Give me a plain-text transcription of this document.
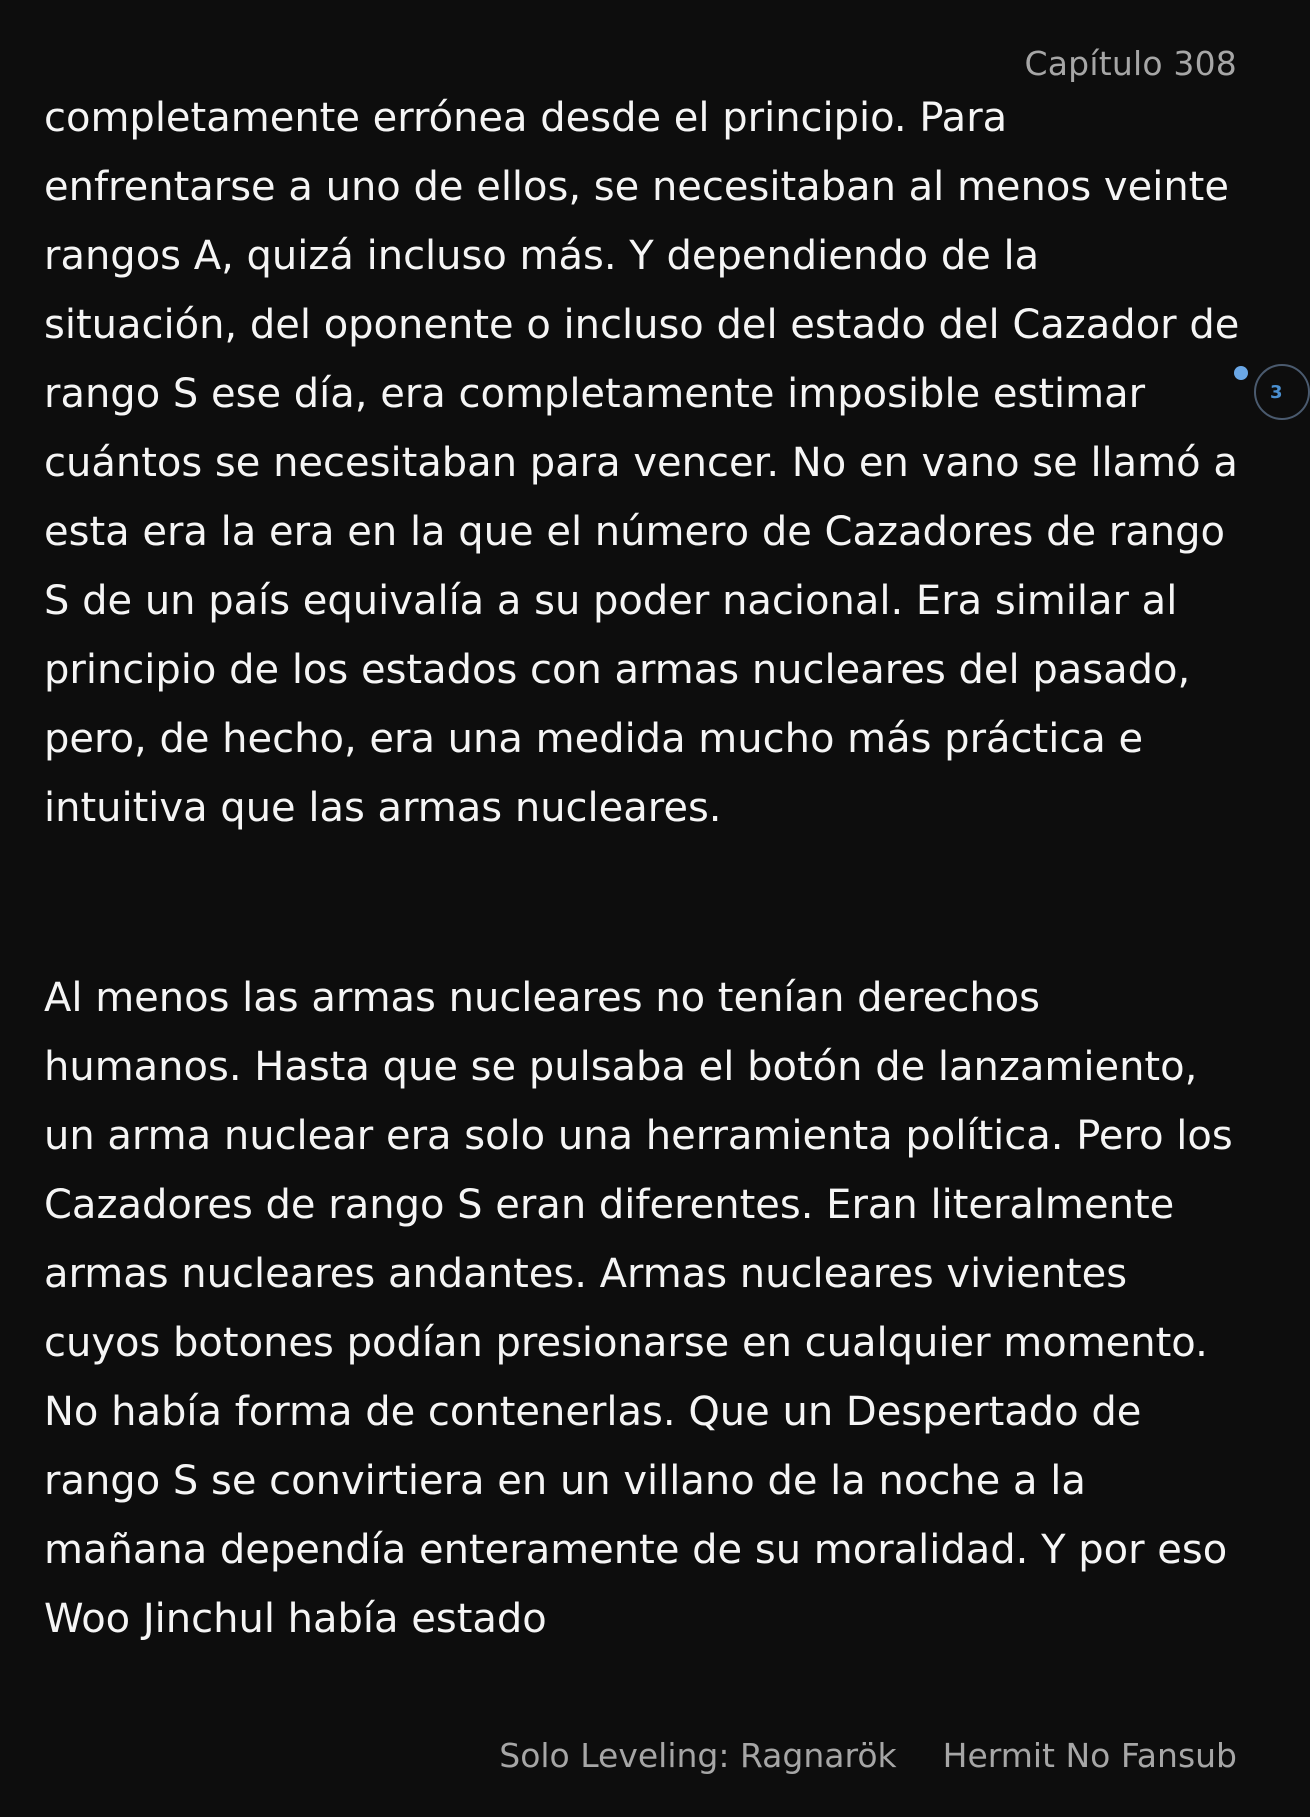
Capítulo 308

completamente errónea desde el principio. Para enfrentarse a uno de ellos, se necesitaban al menos veinte rangos A, quizá incluso más. Y dependiendo de la situación, del oponente o incluso del estado del Cazador de rango S ese día, era completamente imposible estimar cuántos se necesitaban para vencer. No en vano se llamó a esta era la era en la que el número de Cazadores de rango S de un país equivalía a su poder nacional. Era similar al principio de los estados con armas nucleares del pasado, pero, de hecho, era una medida mucho más práctica e intuitiva que las armas nucleares.

Al menos las armas nucleares no tenían derechos humanos. Hasta que se pulsaba el botón de lanzamiento, un arma nuclear era solo una herramienta política. Pero los Cazadores de rango S eran diferentes. Eran literalmente armas nucleares andantes. Armas nucleares vivientes cuyos botones podían presionarse en cualquier momento. No había forma de contenerlas. Que un Despertado de rango S se convirtiera en un villano de la noche a la mañana dependía enteramente de su moralidad. Y por eso Woo Jinchul había estado

3
Solo Leveling: Ragnarök Hermit No Fansub
